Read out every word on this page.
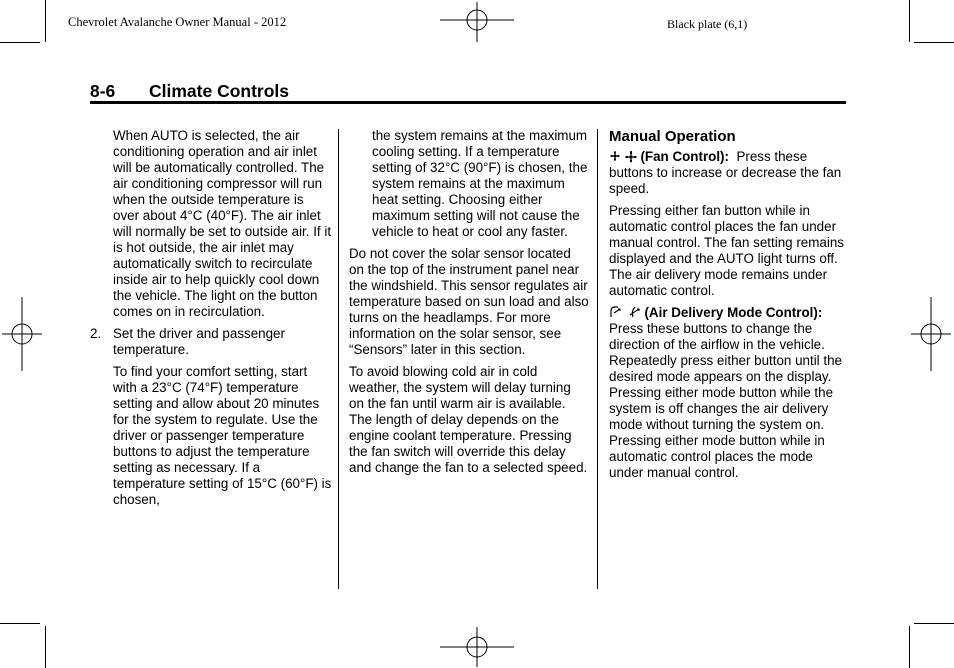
Chevrolet Avalanche Owner Manual - 2012	Black plate (6,1)
8-6 Climate Controls

When AUTO is selected, the air conditioning operation and air inlet will be automatically controlled. The air conditioning compressor will run when the outside temperature is over about 4°C (40°F). The air inlet will normally be set to outside air. If it is hot outside, the air inlet may automatically switch to recirculate inside air to help quickly cool down the vehicle. The light on the button comes on in recirculation.

2. Set the driver and passenger temperature.

To find your comfort setting, start with a 23°C (74°F) temperature setting and allow about 20 minutes for the system to regulate. Use the driver or passenger temperature buttons to adjust the temperature setting as necessary. If a temperature setting of 15°C (60°F) is chosen,

the system remains at the maximum cooling setting. If a temperature setting of 32°C (90°F) is chosen, the system remains at the maximum heat setting. Choosing either maximum setting will not cause the vehicle to heat or cool any faster.

Do not cover the solar sensor located on the top of the instrument panel near the windshield. This sensor regulates air temperature based on sun load and also turns on the headlamps. For more information on the solar sensor, see “Sensors” later in this section.

To avoid blowing cold air in cold weather, the system will delay turning on the fan until warm air is available. The length of delay depends on the engine coolant temperature. Pressing the fan switch will override this delay and change the fan to a selected speed.

Manual Operation

(Fan Control): Press these buttons to increase or decrease the fan speed.

Pressing either fan button while in automatic control places the fan under manual control. The fan setting remains displayed and the AUTO light turns off. The air delivery mode remains under automatic control.

(Air Delivery Mode Control): Press these buttons to change the direction of the airflow in the vehicle. Repeatedly press either button until the desired mode appears on the display. Pressing either mode button while the system is off changes the air delivery mode without turning the system on. Pressing either mode button while in automatic control places the mode under manual control.
